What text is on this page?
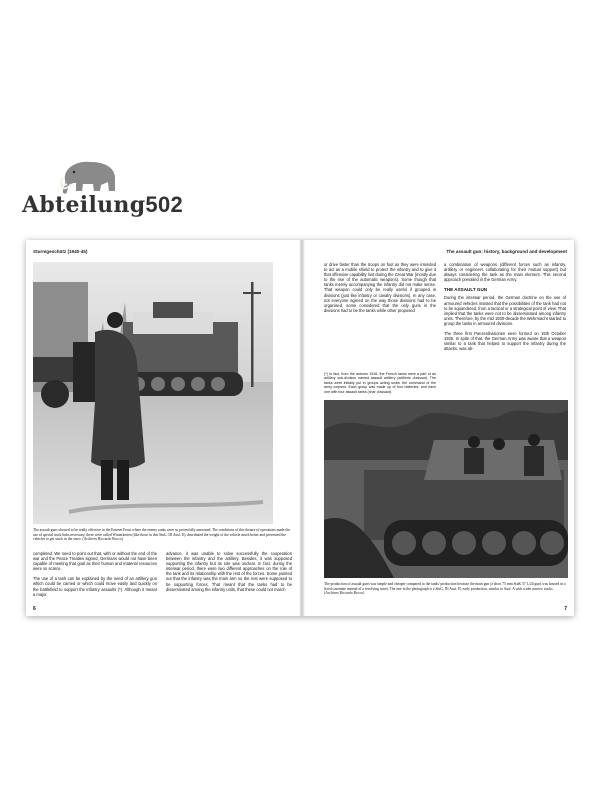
Abteilung502
Sturmgeschütz (1940-45)
The assault guns showed to be really effective in the Eastern Front where the enemy tanks were so powerfully armoured. The conditions of this theatre of operations made the use of special track links necessary, these were called Winterketten (like those in this StuG. III Ausf. E), distributed the weight of the vehicle much better and prevented the vehicles to get stuck in the snow. (Archives Riccardo Rocco)

completed. We need to point out that, with or without the end of the war and the Peace Treaties signed, Germans would not have been capable of meeting that goal as their human and material resources were so scarce.

The use of a tank can be explained by the need of an artillery gun which could be carried or which could move easily and quickly on the battlefield to support the infantry assaults (*). Although it meant a major

advance, it was unable to solve successfully the cooperation between the infantry and the artillery. Besides, it was supposed supporting the infantry but its role was unclear. In fact, during the interwar period, there were two different approaches on the role of the tank and its relationship with the rest of the forces. Some pointed out that the infantry was the main arm so the rest were supposed to be supporting forces. That meant that the tanks had to be disseminated among the infantry units, that these could not march

6
The assault gun: history, background and development

or drive faster than the troops on foot as they were intended to act as a mobile shield to protect the infantry and to give it that offensive capability lost during the Great War (mostly due to the rise of the automatic weapons). Some though that tanks merely accompanying the infantry did not make sense. That weapon could only be really useful if grouped in divisions (just like infantry or cavalry divisions). In any case, not everyone agreed on the way those divisions had to be organised, some considered that the only guns in the divisions had to be the tanks while other proposed

(*) In fact, from the autumn 1916, the French tanks were a part of an artillery sub-division named assault artillery (artillerie d'assaut). The tanks were initially put in groups acting under the command of the army corpses. Each group was made up of four batteries, and each one with four assault tanks (char d'assaut).

a combination of weapons (different forces such as infantry, artillery or engineers collaborating for their mutual support) but always considering the tank as the main element. This second approach prevailed in the German Army.

THE ASSAULT GUN

During the interwar period, the German doctrine on the use of armoured vehicles insisted that the possibilities of the tank had not to be squandered, from a tactical or a strategical point of view. That implied that the tanks were not to be disseminated among infantry units. Therefore, by the mid 1930-decade the Wehrmacht started to group the tanks in armoured divisions.

The three first Panzerdivisionen were formed on 15th October 1935. In spite of that, the German Army was aware that a weapon similar to a tank that helped to support the infantry during the attacks, was ab-

The production of assault guns was simple and cheaper compared to the tanks' production because the main gun (a short 75 mm StuK 37 L/24 gun) was housed in a fixed casemate instead of a revolving turret. The one in the photograph is a StuG. III Ausf. B, early production, similar to Ausf. A with wider narrow tracks. (Archives Riccardo Rocco)
7
